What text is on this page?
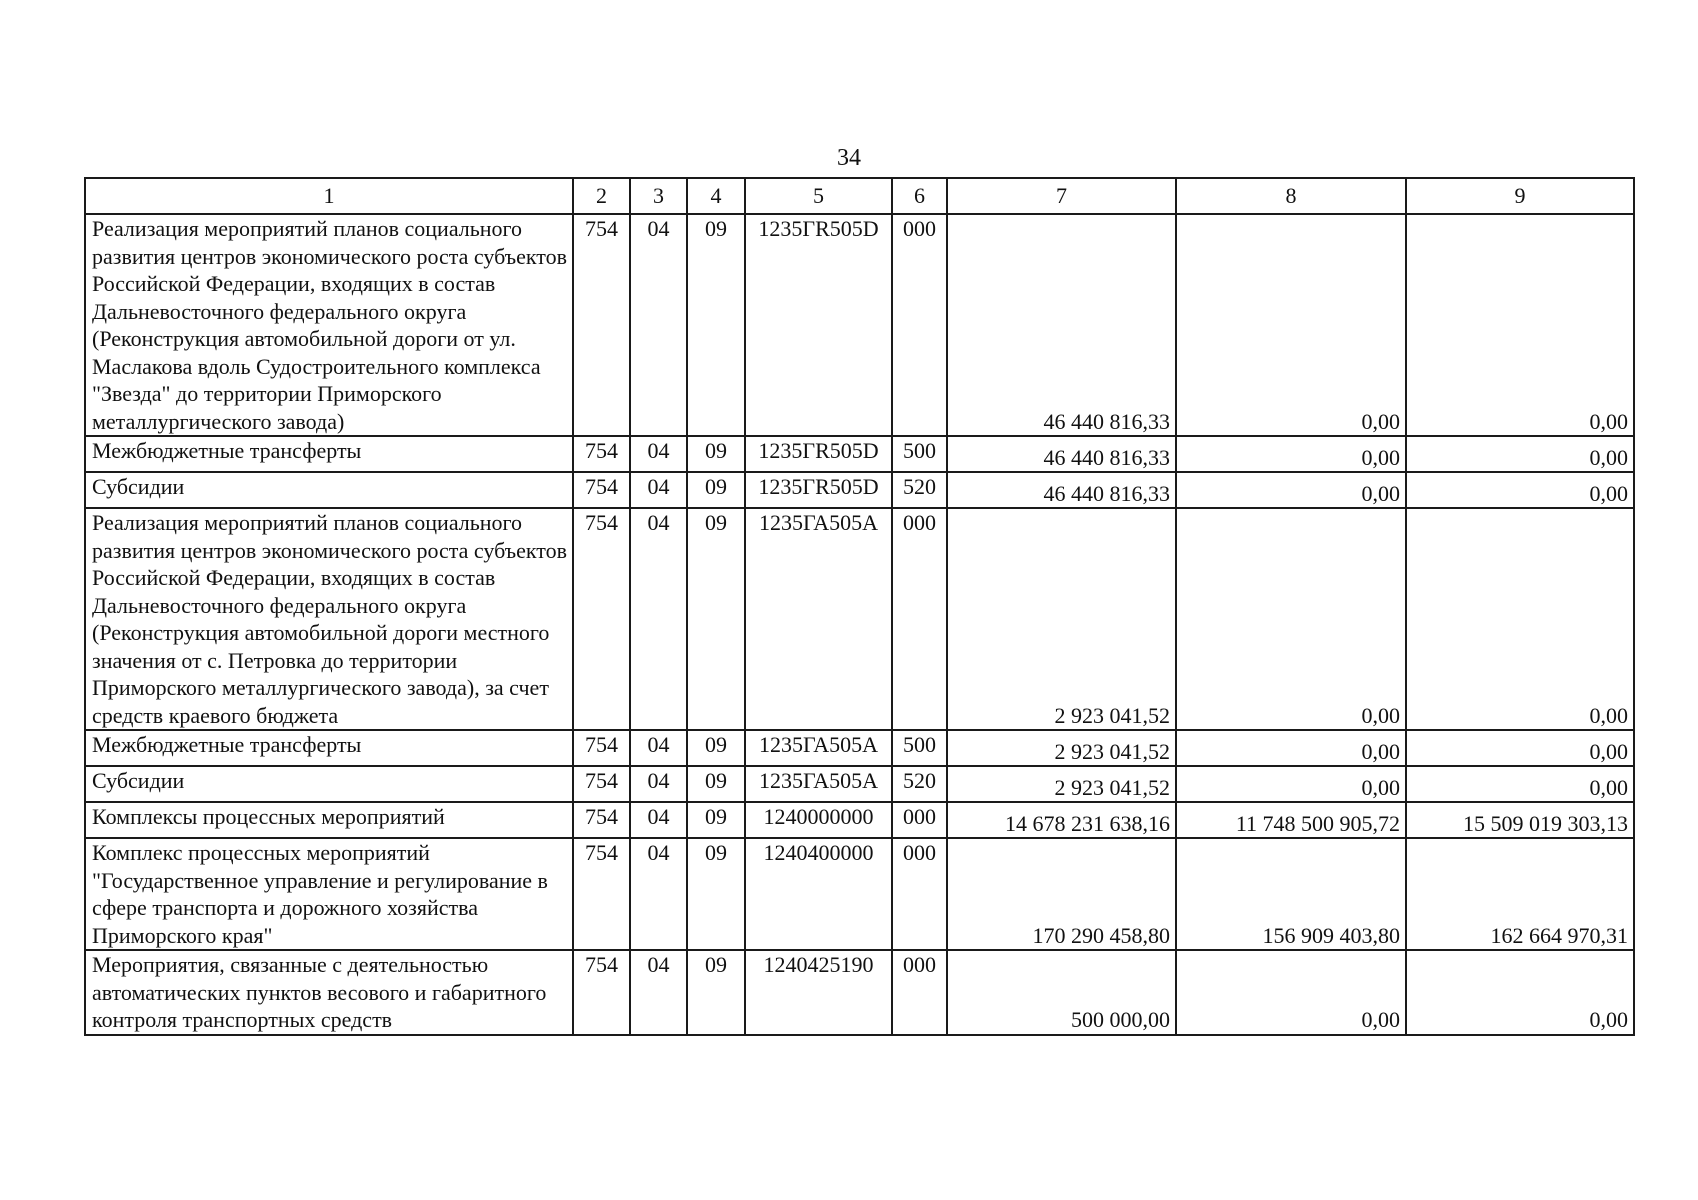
34
1	2	3	4	5	6	7	8	9
Реализация мероприятий планов социального развития центров экономического роста субъектов Российской Федерации, входящих в состав Дальневосточного федерального округа (Реконструкция автомобильной дороги от ул. Маслакова вдоль Судостроительного комплекса "Звезда" до территории Приморского металлургического завода)	754	04	09	1235ГR505D	000	46 440 816,33	0,00	0,00
Межбюджетные трансферты	754	04	09	1235ГR505D	500	46 440 816,33	0,00	0,00
Субсидии	754	04	09	1235ГR505D	520	46 440 816,33	0,00	0,00
Реализация мероприятий планов социального развития центров экономического роста субъектов Российской Федерации, входящих в состав Дальневосточного федерального округа (Реконструкция автомобильной дороги местного значения от с. Петровка до территории Приморского металлургического завода), за счет средств краевого бюджета	754	04	09	1235ГА505А	000	2 923 041,52	0,00	0,00
Межбюджетные трансферты	754	04	09	1235ГА505А	500	2 923 041,52	0,00	0,00
Субсидии	754	04	09	1235ГА505А	520	2 923 041,52	0,00	0,00
Комплексы процессных мероприятий	754	04	09	1240000000	000	14 678 231 638,16	11 748 500 905,72	15 509 019 303,13
Комплекс процессных мероприятий "Государственное управление и регулирование в сфере транспорта и дорожного хозяйства Приморского края"	754	04	09	1240400000	000	170 290 458,80	156 909 403,80	162 664 970,31
Мероприятия, связанные с деятельностью автоматических пунктов весового и габаритного контроля транспортных средств	754	04	09	1240425190	000	500 000,00	0,00	0,00
